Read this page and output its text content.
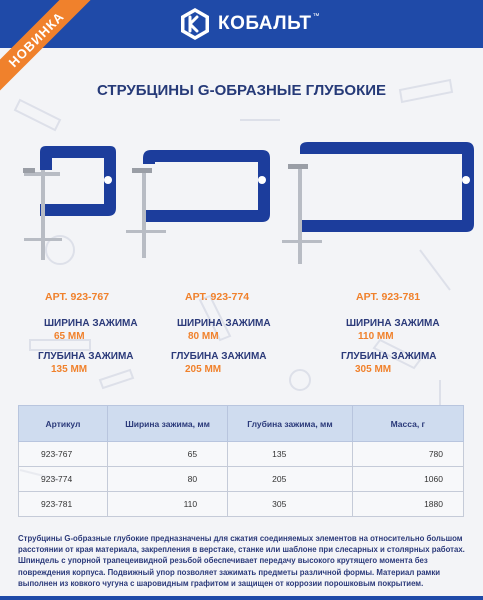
КОБАЛЬТ ™
НОВИНКА
СТРУБЦИНЫ G-ОБРАЗНЫЕ ГЛУБОКИЕ
АРТ. 923-767
ШИРИНА ЗАЖИМА
65 ММ
ГЛУБИНА ЗАЖИМА
135 ММ
АРТ. 923-774
ШИРИНА ЗАЖИМА
80 ММ
ГЛУБИНА ЗАЖИМА
205 ММ
АРТ. 923-781
ШИРИНА ЗАЖИМА
110 ММ
ГЛУБИНА ЗАЖИМА
305 ММ
Артикул	Ширина зажима, мм	Глубина зажима, мм	Масса, г
923-767	65	135	780
923-774	80	205	1060
923-781	110	305	1880
Струбцины G-образные глубокие предназначены для сжатия соединяемых элементов на относительно большом расстоянии от края материала, закрепления в верстаке, станке или шаблоне при слесарных и столярных работах. Шпиндель с упорной трапецеивидной резьбой обеспечивает передачу высокого крутящего момента без повреждения корпуса. Подвижный упор позволяет зажимать предметы различной формы. Материал рамки выполнен из ковкого чугуна с шаровидным графитом и защищен от коррозии порошковым покрытием.
